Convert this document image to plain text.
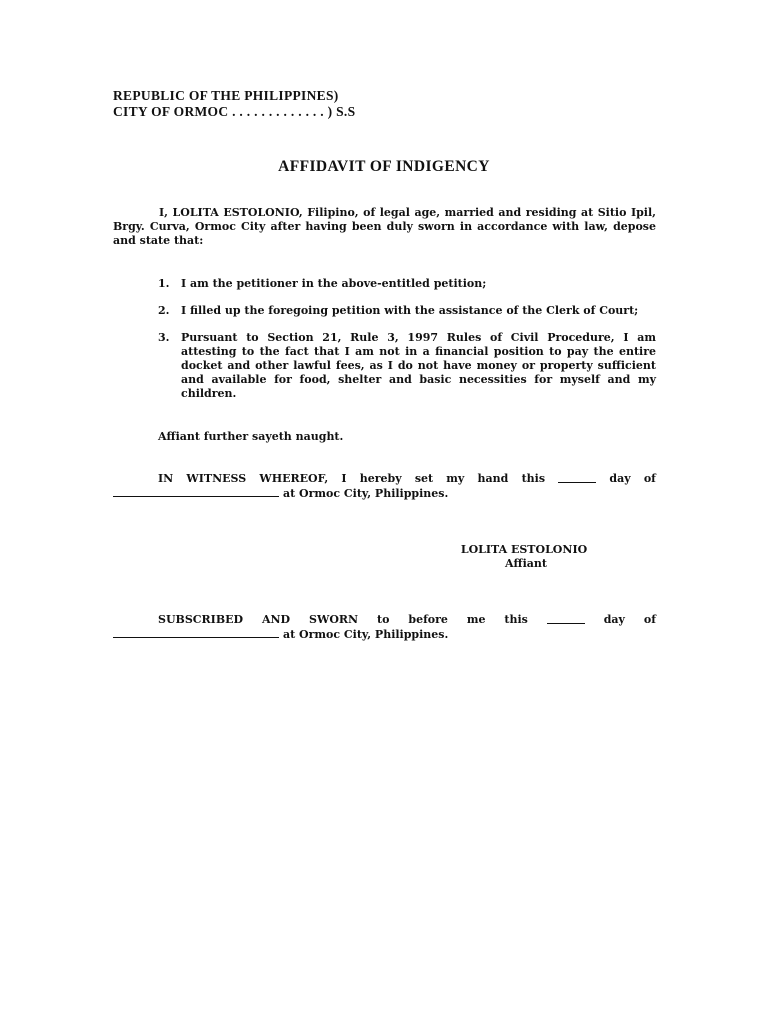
REPUBLIC OF THE PHILIPPINES)
CITY OF ORMOC . . . . . . . . . . . . . ) S.S
AFFIDAVIT OF INDIGENCY

I, LOLITA ESTOLONIO, Filipino, of legal age, married and residing at Sitio Ipil, Brgy. Curva, Ormoc City after having been duly sworn in accordance with law, depose and state that:

1. I am the petitioner in the above-entitled petition;
2. I filled up the foregoing petition with the assistance of the Clerk of Court;
3. Pursuant to Section 21, Rule 3, 1997 Rules of Civil Procedure, I am attesting to the fact that I am not in a financial position to pay the entire docket and other lawful fees, as I do not have money or property sufficient and available for food, shelter and basic necessities for myself and my children.

Affiant further sayeth naught.

IN WITNESS WHEREOF, I hereby set my hand this	day of
at Ormoc City, Philippines.
LOLITA ESTOLONIO
Affiant
SUBSCRIBED AND SWORN to before me this	day of
at Ormoc City, Philippines.
